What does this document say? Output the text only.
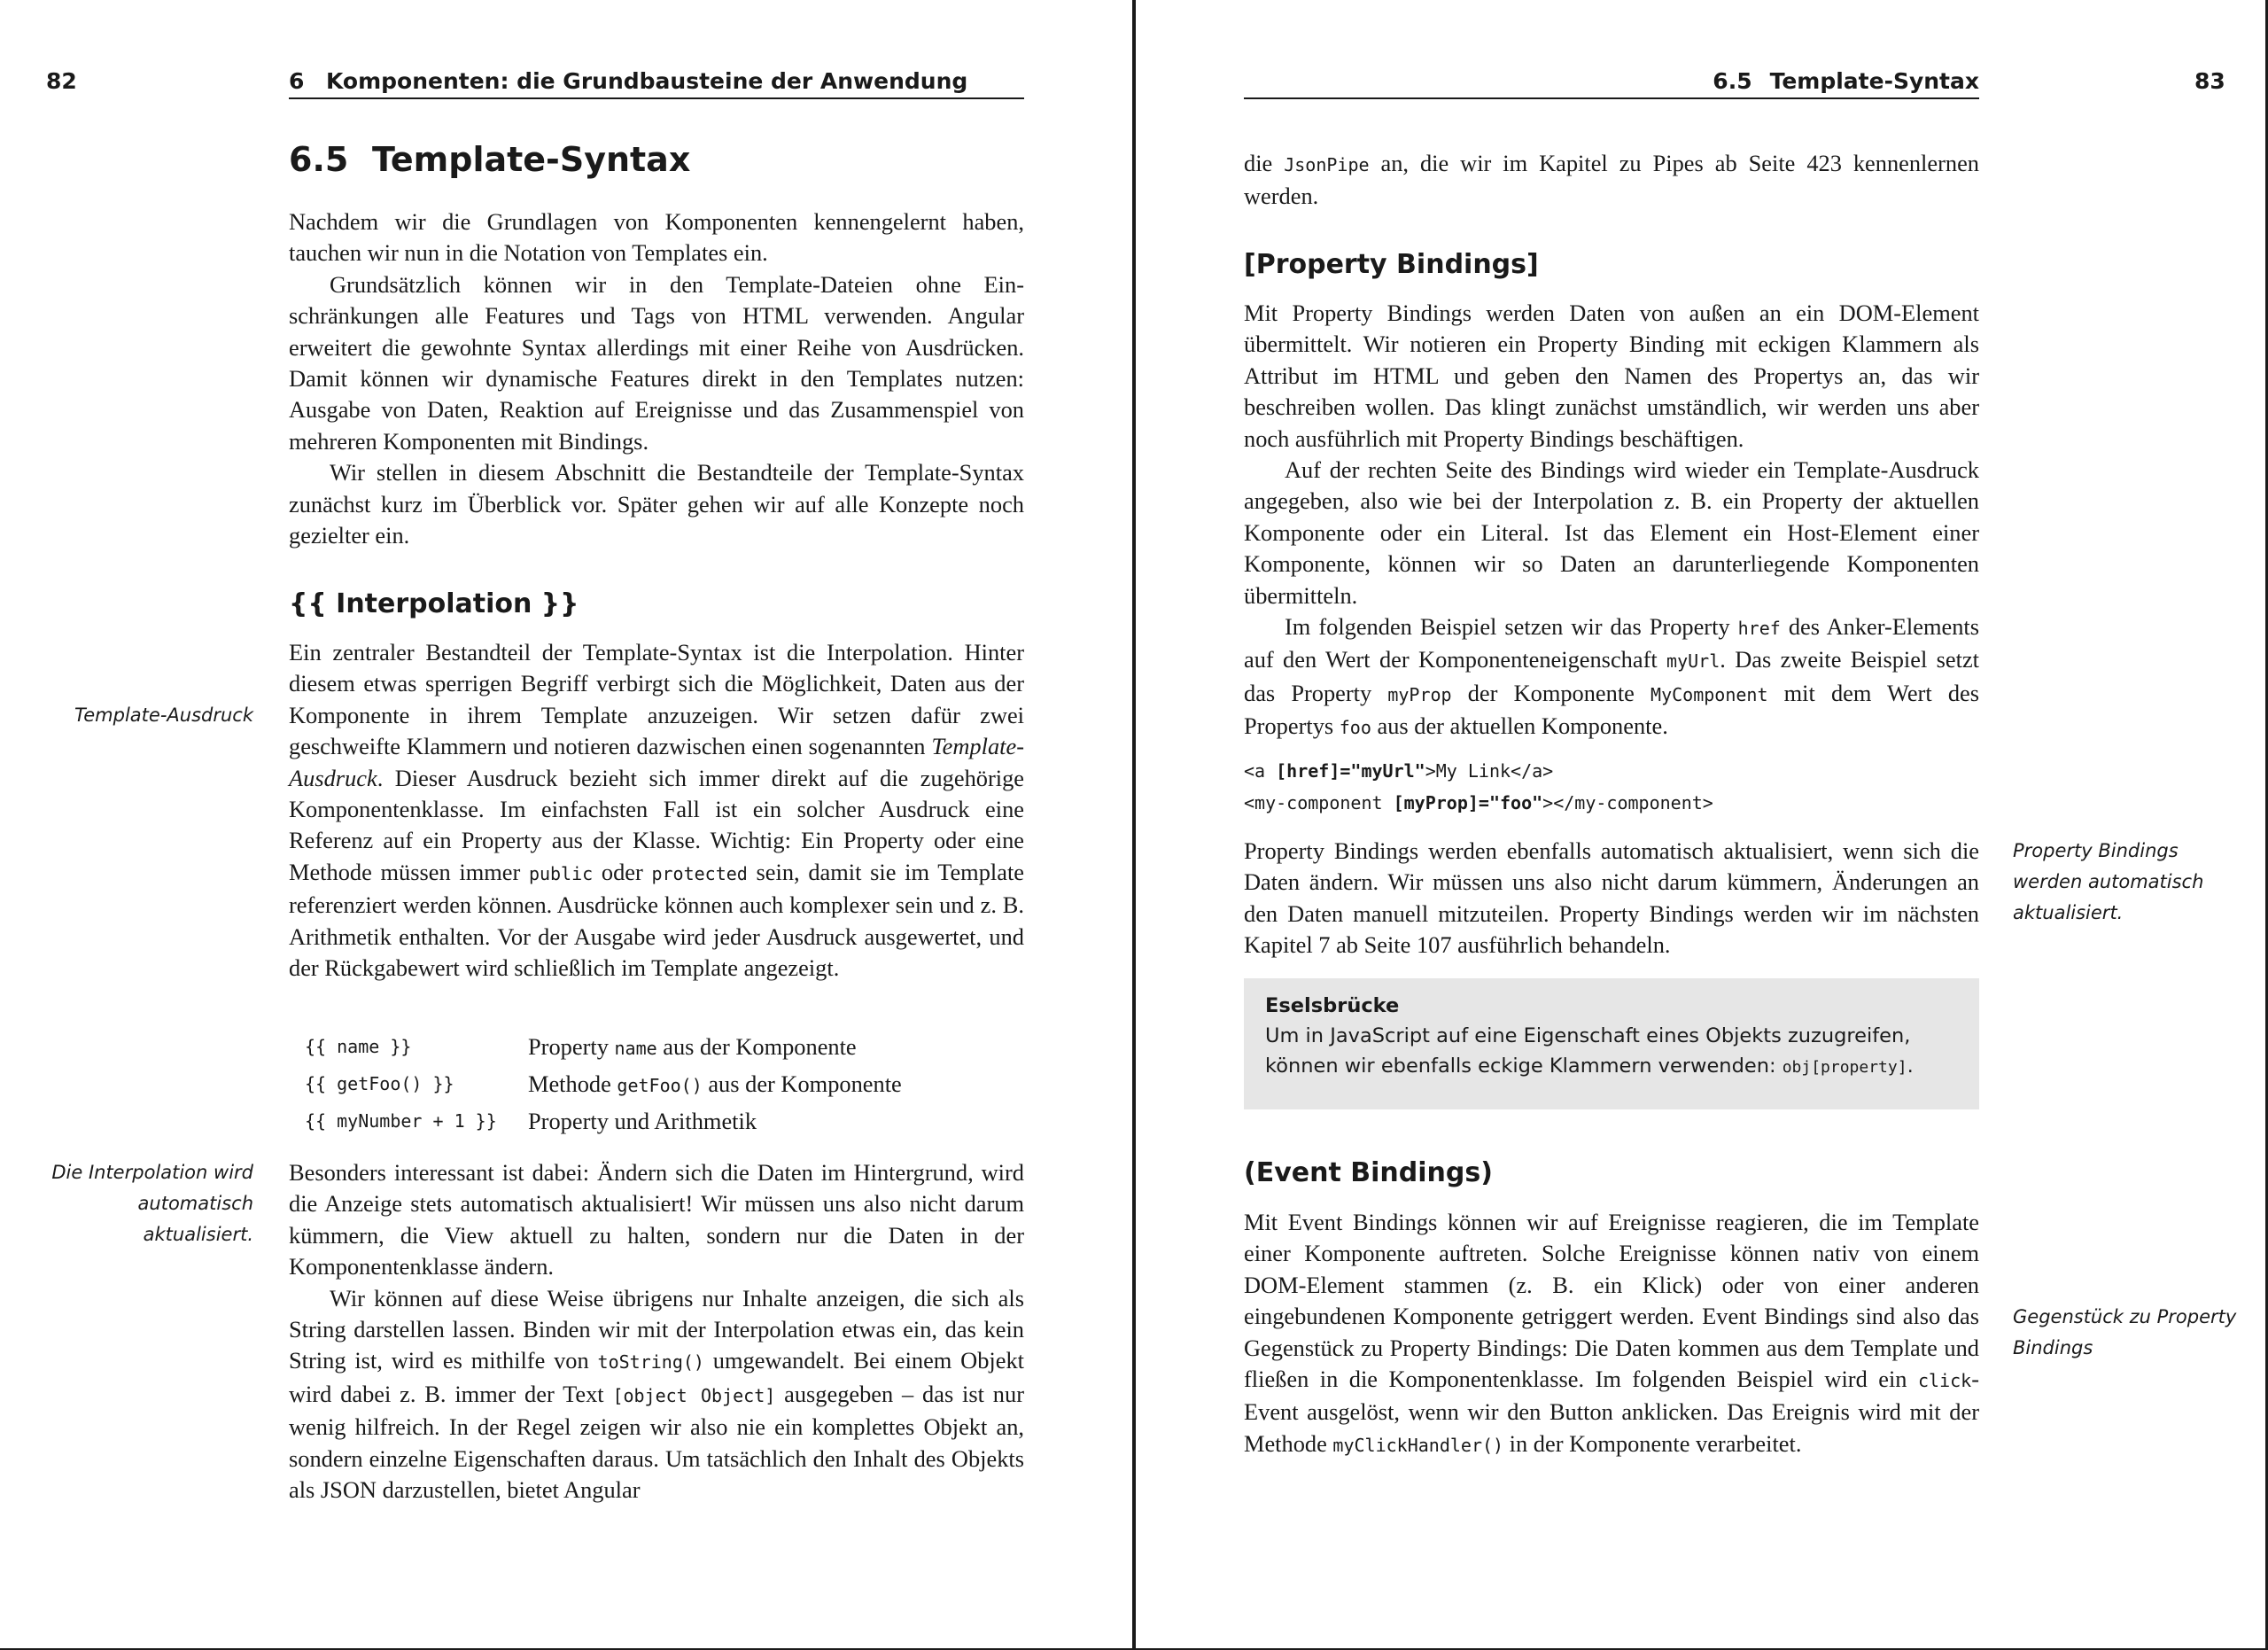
82	6 Komponenten: die Grundbausteine der Anwendung
6.5 Template-Syntax

Nachdem wir die Grundlagen von Komponenten kennengelernt haben, tauchen wir nun in die Notation von Templates ein.

Grundsätzlich können wir in den Template-Dateien ohne Einschränkungen alle Features und Tags von HTML verwenden. Angular erweitert die gewohnte Syntax allerdings mit einer Reihe von Ausdrücken. Damit können wir dynamische Features direkt in den Templates nutzen: Ausgabe von Daten, Reaktion auf Ereignisse und das Zusammenspiel von mehreren Komponenten mit Bindings.

Wir stellen in diesem Abschnitt die Bestandteile der Template-Syntax zunächst kurz im Überblick vor. Später gehen wir auf alle Konzepte noch gezielter ein.

{{ Interpolation }}
Template-Ausdruck

Ein zentraler Bestandteil der Template-Syntax ist die Interpolation. Hinter diesem etwas sperrigen Begriff verbirgt sich die Möglichkeit, Daten aus der Komponente in ihrem Template anzuzeigen. Wir setzen dafür zwei geschweifte Klammern und notieren dazwischen einen sogenannten Template-Ausdruck. Dieser Ausdruck bezieht sich immer direkt auf die zugehörige Komponentenklasse. Im einfachsten Fall ist ein solcher Ausdruck eine Referenz auf ein Property aus der Klasse. Wichtig: Ein Property oder eine Methode müssen immer public oder protected sein, damit sie im Template referenziert werden können. Ausdrücke können auch komplexer sein und z. B. Arithmetik enthalten. Vor der Ausgabe wird jeder Ausdruck ausgewertet, und der Rückgabewert wird schließlich im Template angezeigt.

{{ name }}	Property name aus der Komponente
{{ getFoo() }}	Methode getFoo() aus der Komponente
{{ myNumber + 1 }}	Property und Arithmetik
Die Interpolation wird automatisch aktualisiert.

Besonders interessant ist dabei: Ändern sich die Daten im Hintergrund, wird die Anzeige stets automatisch aktualisiert! Wir müssen uns also nicht darum kümmern, die View aktuell zu halten, sondern nur die Daten in der Komponentenklasse ändern.

Wir können auf diese Weise übrigens nur Inhalte anzeigen, die sich als String darstellen lassen. Binden wir mit der Interpolation etwas ein, das kein String ist, wird es mithilfe von toString() umgewandelt. Bei einem Objekt wird dabei z. B. immer der Text [object Object] ausgegeben – das ist nur wenig hilfreich. In der Regel zeigen wir also nie ein komplettes Objekt an, sondern einzelne Eigenschaften daraus. Um tatsächlich den Inhalt des Objekts als JSON darzustellen, bietet Angular

6.5 Template-Syntax	83

die JsonPipe an, die wir im Kapitel zu Pipes ab Seite 423 kennenlernen werden.

[Property Bindings]

Mit Property Bindings werden Daten von außen an ein DOM-Element übermittelt. Wir notieren ein Property Binding mit eckigen Klammern als Attribut im HTML und geben den Namen des Propertys an, das wir beschreiben wollen. Das klingt zunächst umständlich, wir werden uns aber noch ausführlich mit Property Bindings beschäftigen.

Auf der rechten Seite des Bindings wird wieder ein Template-Ausdruck angegeben, also wie bei der Interpolation z. B. ein Property der aktuellen Komponente oder ein Literal. Ist das Element ein Host-Element einer Komponente, können wir so Daten an darunterliegende Komponenten übermitteln.

Im folgenden Beispiel setzen wir das Property href des Anker-Elements auf den Wert der Komponenteneigenschaft myUrl. Das zweite Beispiel setzt das Property myProp der Komponente MyComponent mit dem Wert des Propertys foo aus der aktuellen Komponente.

<a [href]="myUrl">My Link</a>
<my-component [myProp]="foo"></my-component>
Property Bindings werden automatisch aktualisiert.

Property Bindings werden ebenfalls automatisch aktualisiert, wenn sich die Daten ändern. Wir müssen uns also nicht darum kümmern, Änderungen an den Daten manuell mitzuteilen. Property Bindings werden wir im nächsten Kapitel 7 ab Seite 107 ausführlich behandeln.

Eselsbrücke
Um in JavaScript auf eine Eigenschaft eines Objekts zuzugreifen, können wir ebenfalls eckige Klammern verwenden: obj[property].
(Event Bindings)
Gegenstück zu Property Bindings

Mit Event Bindings können wir auf Ereignisse reagieren, die im Template einer Komponente auftreten. Solche Ereignisse können nativ von einem DOM-Element stammen (z. B. ein Klick) oder von einer anderen eingebundenen Komponente getriggert werden. Event Bindings sind also das Gegenstück zu Property Bindings: Die Daten kommen aus dem Template und fließen in die Komponentenklasse. Im folgenden Beispiel wird ein click-Event ausgelöst, wenn wir den Button anklicken. Das Ereignis wird mit der Methode myClickHandler() in der Komponente verarbeitet.
